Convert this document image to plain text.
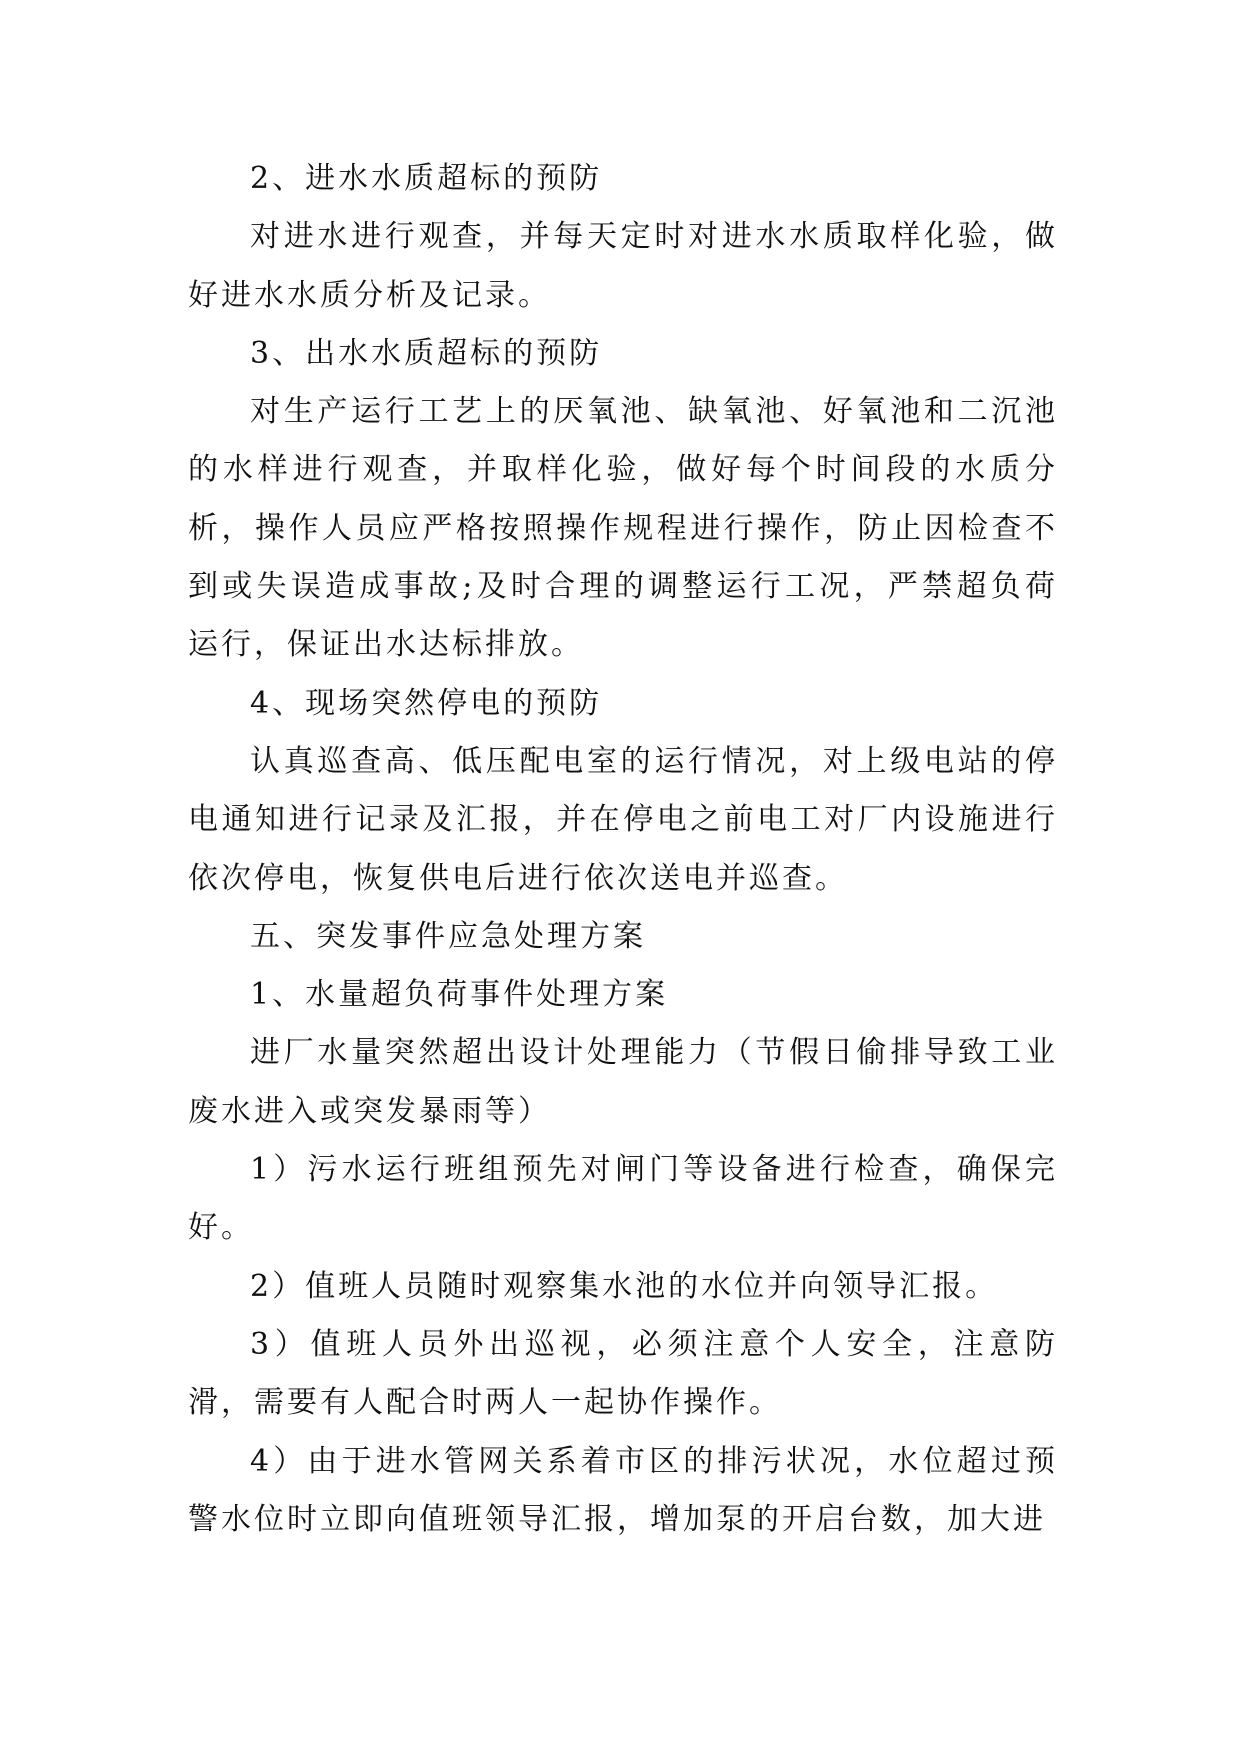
2、进水水质超标的预防

对进水进行观查，并每天定时对进水水质取样化验，做好进水水质分析及记录。

3、出水水质超标的预防

对生产运行工艺上的厌氧池、缺氧池、好氧池和二沉池的水样进行观查，并取样化验，做好每个时间段的水质分析，操作人员应严格按照操作规程进行操作，防止因检查不到或失误造成事故;及时合理的调整运行工况，严禁超负荷运行，保证出水达标排放。

4、现场突然停电的预防

认真巡查高、低压配电室的运行情况，对上级电站的停电通知进行记录及汇报，并在停电之前电工对厂内设施进行依次停电，恢复供电后进行依次送电并巡查。

五、突发事件应急处理方案

1、水量超负荷事件处理方案

进厂水量突然超出设计处理能力（节假日偷排导致工业废水进入或突发暴雨等）

1）污水运行班组预先对闸门等设备进行检查，确保完好。

2）值班人员随时观察集水池的水位并向领导汇报。

3）值班人员外出巡视，必须注意个人安全，注意防滑，需要有人配合时两人一起协作操作。

4）由于进水管网关系着市区的排污状况，水位超过预警水位时立即向值班领导汇报，增加泵的开启台数，加大进
